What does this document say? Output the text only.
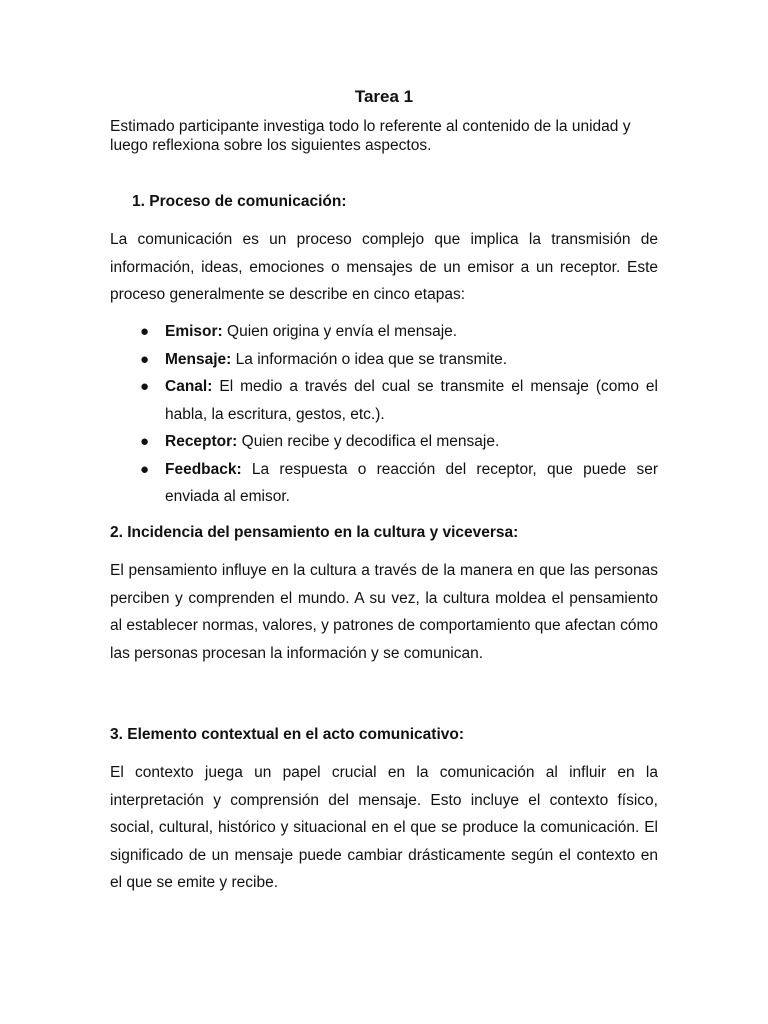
Tarea 1
Estimado participante investiga todo lo referente al contenido de la unidad y luego reflexiona sobre los siguientes aspectos.
1. Proceso de comunicación:
La comunicación es un proceso complejo que implica la transmisión de información, ideas, emociones o mensajes de un emisor a un receptor. Este proceso generalmente se describe en cinco etapas:
● Emisor: Quien origina y envía el mensaje.
● Mensaje: La información o idea que se transmite.
● Canal: El medio a través del cual se transmite el mensaje (como el habla, la escritura, gestos, etc.).
● Receptor: Quien recibe y decodifica el mensaje.
● Feedback: La respuesta o reacción del receptor, que puede ser enviada al emisor.
2. Incidencia del pensamiento en la cultura y viceversa:
El pensamiento influye en la cultura a través de la manera en que las personas perciben y comprenden el mundo. A su vez, la cultura moldea el pensamiento al establecer normas, valores, y patrones de comportamiento que afectan cómo las personas procesan la información y se comunican.
3. Elemento contextual en el acto comunicativo:
El contexto juega un papel crucial en la comunicación al influir en la interpretación y comprensión del mensaje. Esto incluye el contexto físico, social, cultural, histórico y situacional en el que se produce la comunicación. El significado de un mensaje puede cambiar drásticamente según el contexto en el que se emite y recibe.
